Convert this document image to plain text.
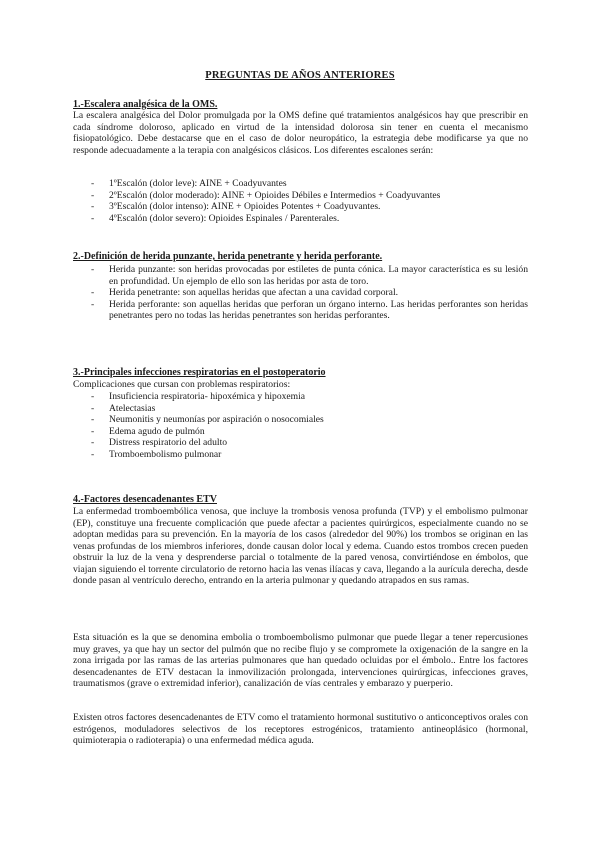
PREGUNTAS DE AÑOS ANTERIORES
1.-Escalera analgésica de la OMS.

La escalera analgésica del Dolor promulgada por la OMS define qué tratamientos analgésicos hay que prescribir en cada síndrome doloroso, aplicado en virtud de la intensidad dolorosa sin tener en cuenta el mecanismo fisiopatológico. Debe destacarse que en el caso de dolor neuropático, la estrategia debe modificarse ya que no responde adecuadamente a la terapia con analgésicos clásicos. Los diferentes escalones serán:

- 1ºEscalón (dolor leve): AINE + Coadyuvantes
- 2ºEscalón (dolor moderado): AINE + Opioides Débiles e Intermedios + Coadyuvantes
- 3ºEscalón (dolor intenso): AINE + Opioides Potentes + Coadyuvantes.
- 4ºEscalón (dolor severo): Opioides Espinales / Parenterales.
2.-Definición de herida punzante, herida penetrante y herida perforante.
- Herida punzante: son heridas provocadas por estiletes de punta cónica. La mayor característica es su lesión en profundidad. Un ejemplo de ello son las heridas por asta de toro.
- Herida penetrante: son aquellas heridas que afectan a una cavidad corporal.
- Herida perforante: son aquellas heridas que perforan un órgano interno. Las heridas perforantes son heridas penetrantes pero no todas las heridas penetrantes son heridas perforantes.
3.-Principales infecciones respiratorias en el postoperatorio

Complicaciones que cursan con problemas respiratorios:

- Insuficiencia respiratoria- hipoxémica y hipoxemia
- Atelectasias
- Neumonitis y neumonías por aspiración o nosocomiales
- Edema agudo de pulmón
- Distress respiratorio del adulto
- Tromboembolismo pulmonar
4.-Factores desencadenantes ETV

La enfermedad tromboembólica venosa, que incluye la trombosis venosa profunda (TVP) y el embolismo pulmonar (EP), constituye una frecuente complicación que puede afectar a pacientes quirúrgicos, especialmente cuando no se adoptan medidas para su prevención. En la mayoría de los casos (alrededor del 90%) los trombos se originan en las venas profundas de los miembros inferiores, donde causan dolor local y edema. Cuando estos trombos crecen pueden obstruir la luz de la vena y desprenderse parcial o totalmente de la pared venosa, convirtiéndose en émbolos, que viajan siguiendo el torrente circulatorio de retorno hacia las venas ilíacas y cava, llegando a la aurícula derecha, desde donde pasan al ventrículo derecho, entrando en la arteria pulmonar y quedando atrapados en sus ramas.

Esta situación es la que se denomina embolia o tromboembolismo pulmonar que puede llegar a tener repercusiones muy graves, ya que hay un sector del pulmón que no recibe flujo y se compromete la oxigenación de la sangre en la zona irrigada por las ramas de las arterias pulmonares que han quedado ocluidas por el émbolo.. Entre los factores desencadenantes de ETV destacan la inmovilización prolongada, intervenciones quirúrgicas, infecciones graves, traumatismos (grave o extremidad inferior), canalización de vías centrales y embarazo y puerperio.

Existen otros factores desencadenantes de ETV como el tratamiento hormonal sustitutivo o anticonceptivos orales con estrógenos, moduladores selectivos de los receptores estrogénicos, tratamiento antineoplásico (hormonal, quimioterapia o radioterapia) o una enfermedad médica aguda.
